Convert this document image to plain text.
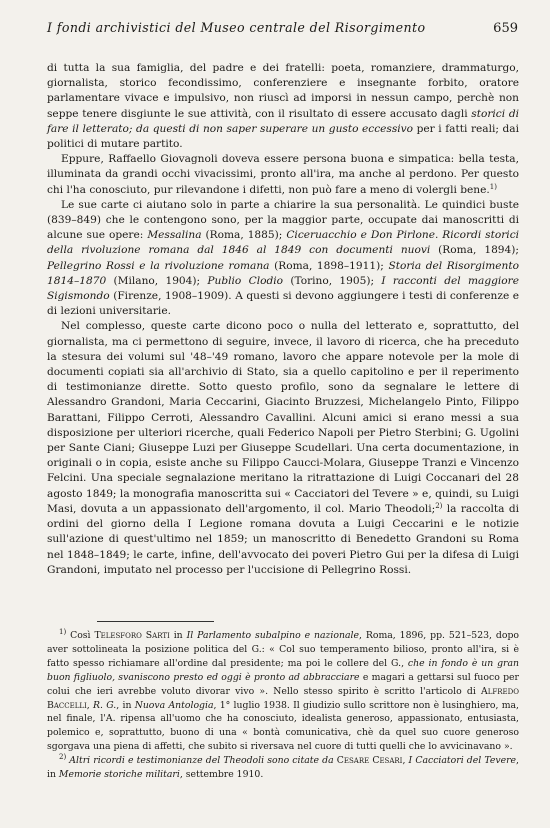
I fondi archivistici del Museo centrale del Risorgimento	659

di tutta la sua famiglia, del padre e dei fratelli: poeta, romanziere, drammaturgo, giornalista, storico fecondissimo, conferenziere e insegnante forbito, oratore parlamentare vivace e impulsivo, non riuscì ad imporsi in nessun campo, perchè non seppe tenere disgiunte le sue attività, con il risultato di essere accusato dagli storici di fare il letterato; da questi di non saper superare un gusto eccessivo per i fatti reali; dai politici di mutare partito.

Eppure, Raffaello Giovagnoli doveva essere persona buona e simpatica: bella testa, illuminata da grandi occhi vivacissimi, pronto all'ira, ma anche al perdono. Per questo chi l'ha conosciuto, pur rilevandone i difetti, non può fare a meno di volergli bene.$^{1)}$

Le sue carte ci aiutano solo in parte a chiarire la sua personalità. Le quindici buste (839–849) che le contengono sono, per la maggior parte, occupate dai manoscritti di alcune sue opere: Messalina (Roma, 1885); Ciceruacchio e Don Pirlone. Ricordi storici della rivoluzione romana dal 1846 al 1849 con documenti nuovi (Roma, 1894); Pellegrino Rossi e la rivoluzione romana (Roma, 1898–1911); Storia del Risorgimento 1814–1870 (Milano, 1904); Publio Clodio (Torino, 1905); I racconti del maggiore Sigismondo (Firenze, 1908–1909). A questi si devono aggiungere i testi di conferenze e di lezioni universitarie.

Nel complesso, queste carte dicono poco o nulla del letterato e, soprattutto, del giornalista, ma ci permettono di seguire, invece, il lavoro di ricerca, che ha preceduto la stesura dei volumi sul '48–'49 romano, lavoro che appare notevole per la mole di documenti copiati sia all'archivio di Stato, sia a quello capitolino e per il reperimento di testimonianze dirette. Sotto questo profilo, sono da segnalare le lettere di Alessandro Grandoni, Maria Ceccarini, Giacinto Bruzzesi, Michelangelo Pinto, Filippo Barattani, Filippo Cerroti, Alessandro Cavallini. Alcuni amici si erano messi a sua disposizione per ulteriori ricerche, quali Federico Napoli per Pietro Sterbini; G. Ugolini per Sante Ciani; Giuseppe Luzi per Giuseppe Scudellari. Una certa documentazione, in originali o in copia, esiste anche su Filippo Caucci-Molara, Giuseppe Tranzi e Vincenzo Felcini. Una speciale segnalazione meritano la ritrattazione di Luigi Coccanari del 28 agosto 1849; la monografia manoscritta sui « Cacciatori del Tevere » e, quindi, su Luigi Masi, dovuta a un appassionato dell'argomento, il col. Mario Theodoli;$^{2)}$ la raccolta di ordini del giorno della I Legione romana dovuta a Luigi Ceccarini e le notizie sull'azione di quest'ultimo nel 1859; un manoscritto di Benedetto Grandoni su Roma nel 1848–1849; le carte, infine, dell'avvocato dei poveri Pietro Gui per la difesa di Luigi Grandoni, imputato nel processo per l'uccisione di Pellegrino Rossi.

$^{1)}$ Così Telesforo Sarti in Il Parlamento subalpino e nazionale, Roma, 1896, pp. 521–523, dopo aver sottolineata la posizione politica del G.: « Col suo temperamento bilioso, pronto all'ira, si è fatto spesso richiamare all'ordine dal presidente; ma poi le collere del G., che in fondo è un gran buon figliuolo, svaniscono presto ed oggi è pronto ad abbracciare e magari a gettarsi sul fuoco per colui che ieri avrebbe voluto divorar vivo ». Nello stesso spirito è scritto l'articolo di Alfredo Baccelli, R. G., in Nuova Antologia, 1° luglio 1938. Il giudizio sullo scrittore non è lusinghiero, ma, nel finale, l'A. ripensa all'uomo che ha conosciuto, idealista generoso, appassionato, entusiasta, polemico e, soprattutto, buono di una « bontà comunicativa, chè da quel suo cuore generoso sgorgava una piena di affetti, che subito si riversava nel cuore di tutti quelli che lo avvicinavano ».

$^{2)}$ Altri ricordi e testimonianze del Theodoli sono citate da Cesare Cesari, I Cacciatori del Tevere, in Memorie storiche militari, settembre 1910.
